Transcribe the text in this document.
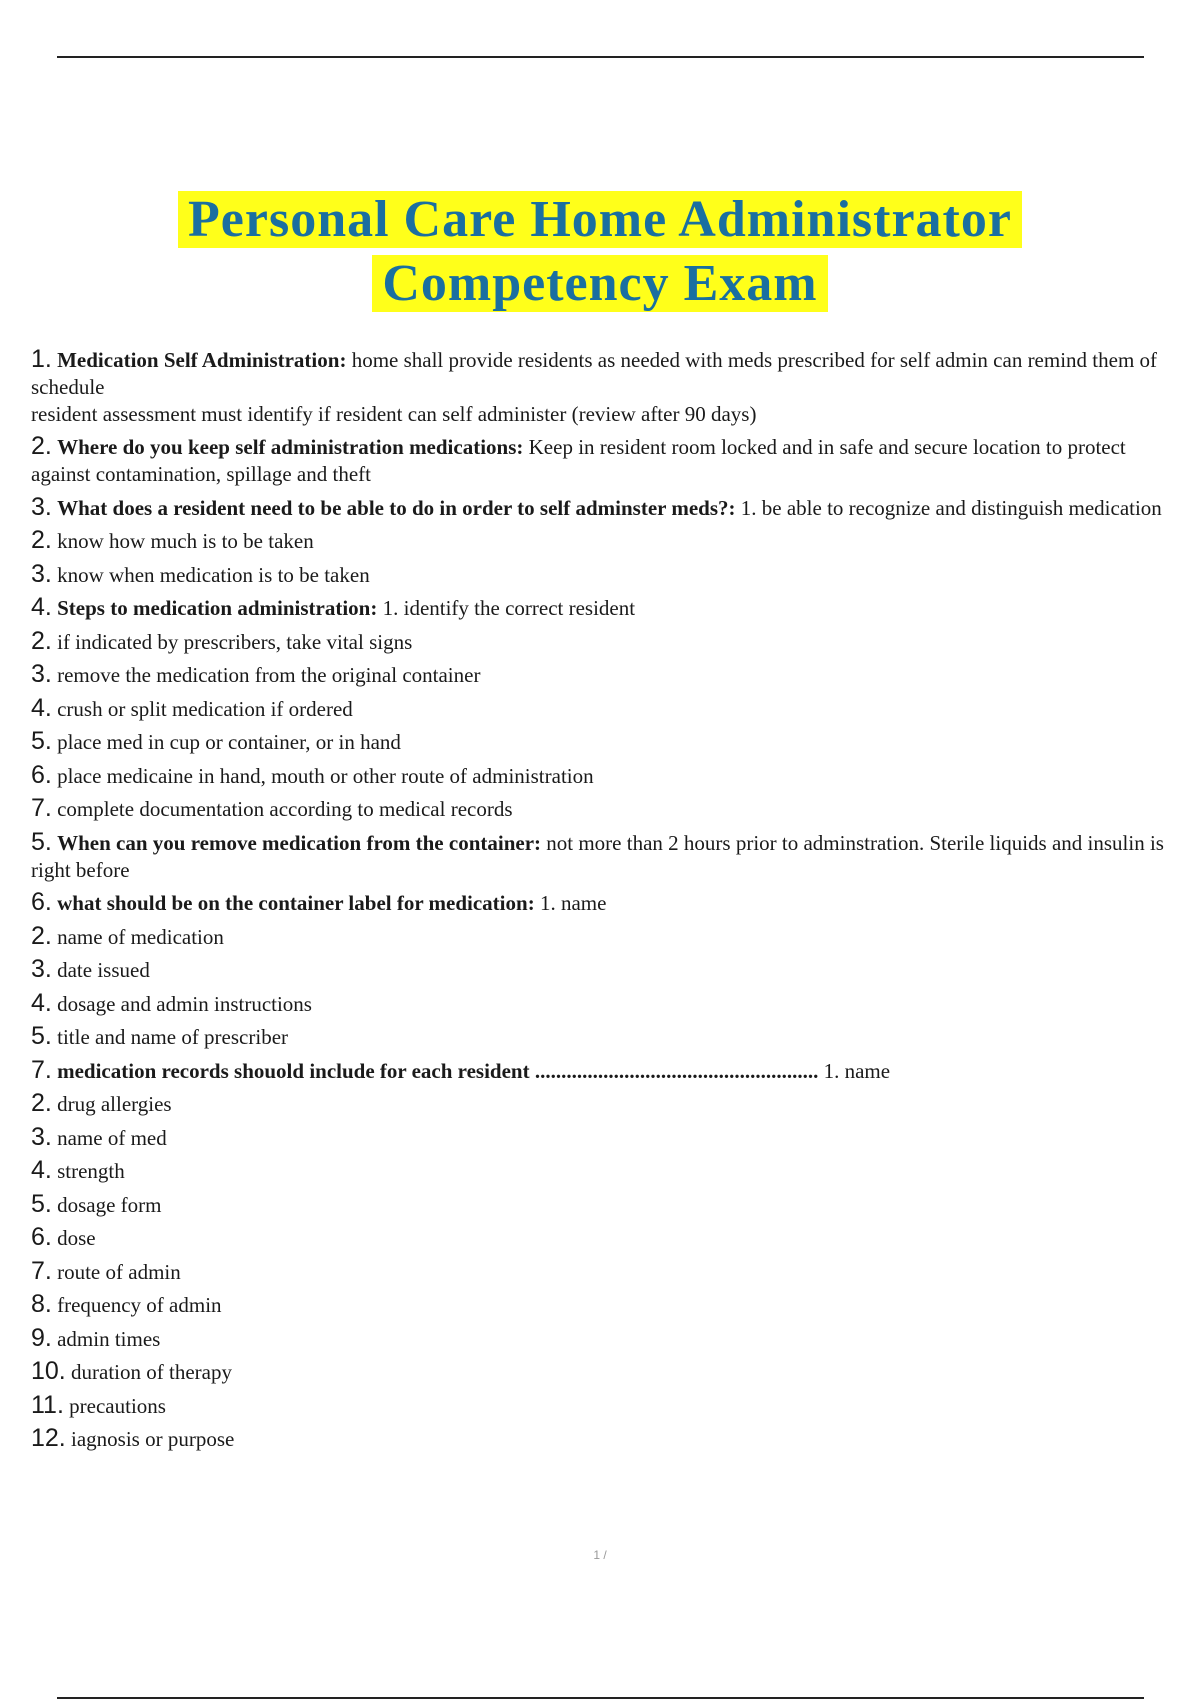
Personal Care Home Administrator
Competency Exam

1. Medication Self Administration: home shall provide residents as needed with meds prescribed for self admin can remind them of schedule

resident assessment must identify if resident can self administer (review after 90 days)

2. Where do you keep self administration medications: Keep in resident room locked and in safe and secure location to protect against contamination, spillage and theft

3. What does a resident need to be able to do in order to self adminster meds?: 1. be able to recognize and distinguish medication

2. know how much is to be taken

3. know when medication is to be taken

4. Steps to medication administration: 1. identify the correct resident

2. if indicated by prescribers, take vital signs

3. remove the medication from the original container

4. crush or split medication if ordered

5. place med in cup or container, or in hand

6. place medicaine in hand, mouth or other route of administration

7. complete documentation according to medical records

5. When can you remove medication from the container: not more than 2 hours prior to adminstration. Sterile liquids and insulin is right before

6. what should be on the container label for medication: 1. name

2. name of medication

3. date issued

4. dosage and admin instructions

5. title and name of prescriber

7. medication records shouold include for each resident ...................................................... 1. name

2. drug allergies

3. name of med

4. strength

5. dosage form

6. dose

7. route of admin

8. frequency of admin

9. admin times

10. duration of therapy

11. precautions

12. iagnosis or purpose

1 /
